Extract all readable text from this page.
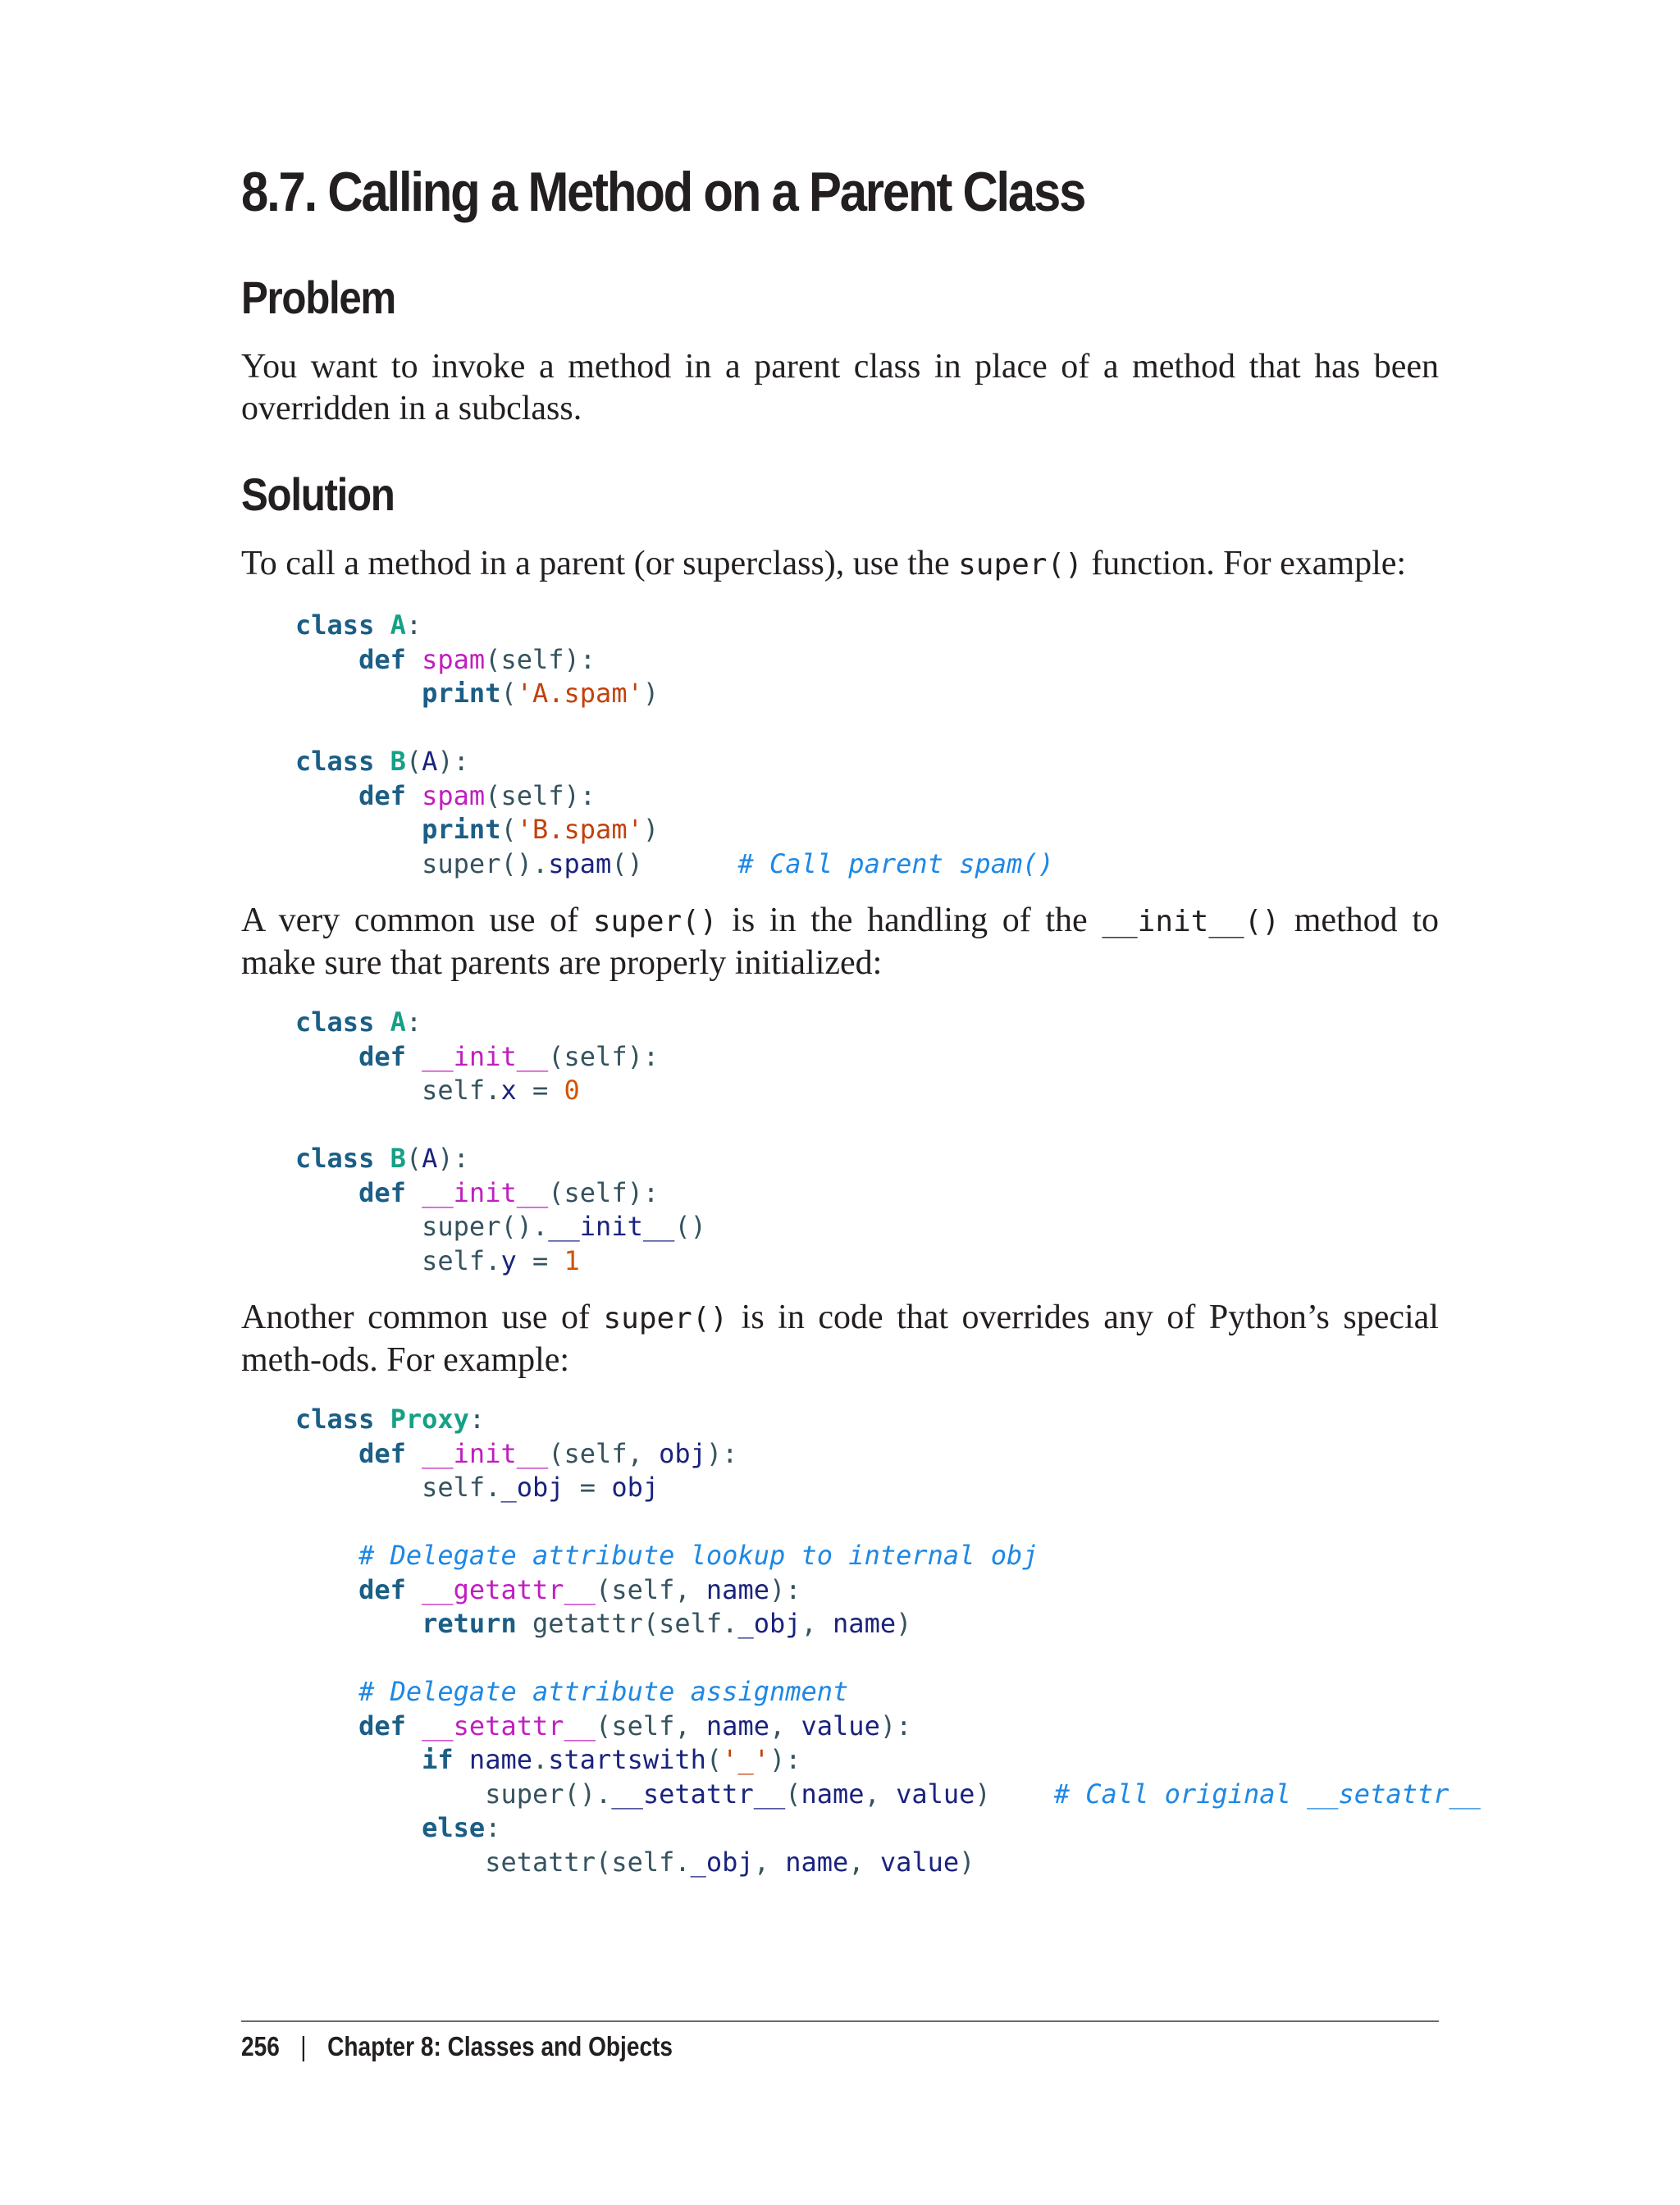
8.7. Calling a Method on a Parent Class
Problem

You want to invoke a method in a parent class in place of a method that has been overridden in a subclass.

Solution

To call a method in a parent (or superclass), use the super() function. For example:

class A:
def spam(self):
print('A.spam')

class B(A):
def spam(self):
print('B.spam')
super().spam()	# Call parent spam()

A very common use of super() is in the handling of the __init__() method to make sure that parents are properly initialized:

class A:
def __init__(self):
self.x = 0

class B(A):
def __init__(self):
super().__init__()
self.y = 1

Another common use of super() is in code that overrides any of Python’s special meth-ods. For example:

class Proxy:
def __init__(self, obj):
self._obj = obj

# Delegate attribute lookup to internal obj
def __getattr__(self, name):
return getattr(self._obj, name)

# Delegate attribute assignment
def __setattr__(self, name, value):
if name.startswith('_'):
super().__setattr__(name, value) # Call original __setattr__
else:
setattr(self._obj, name, value)
256 | Chapter 8: Classes and Objects
